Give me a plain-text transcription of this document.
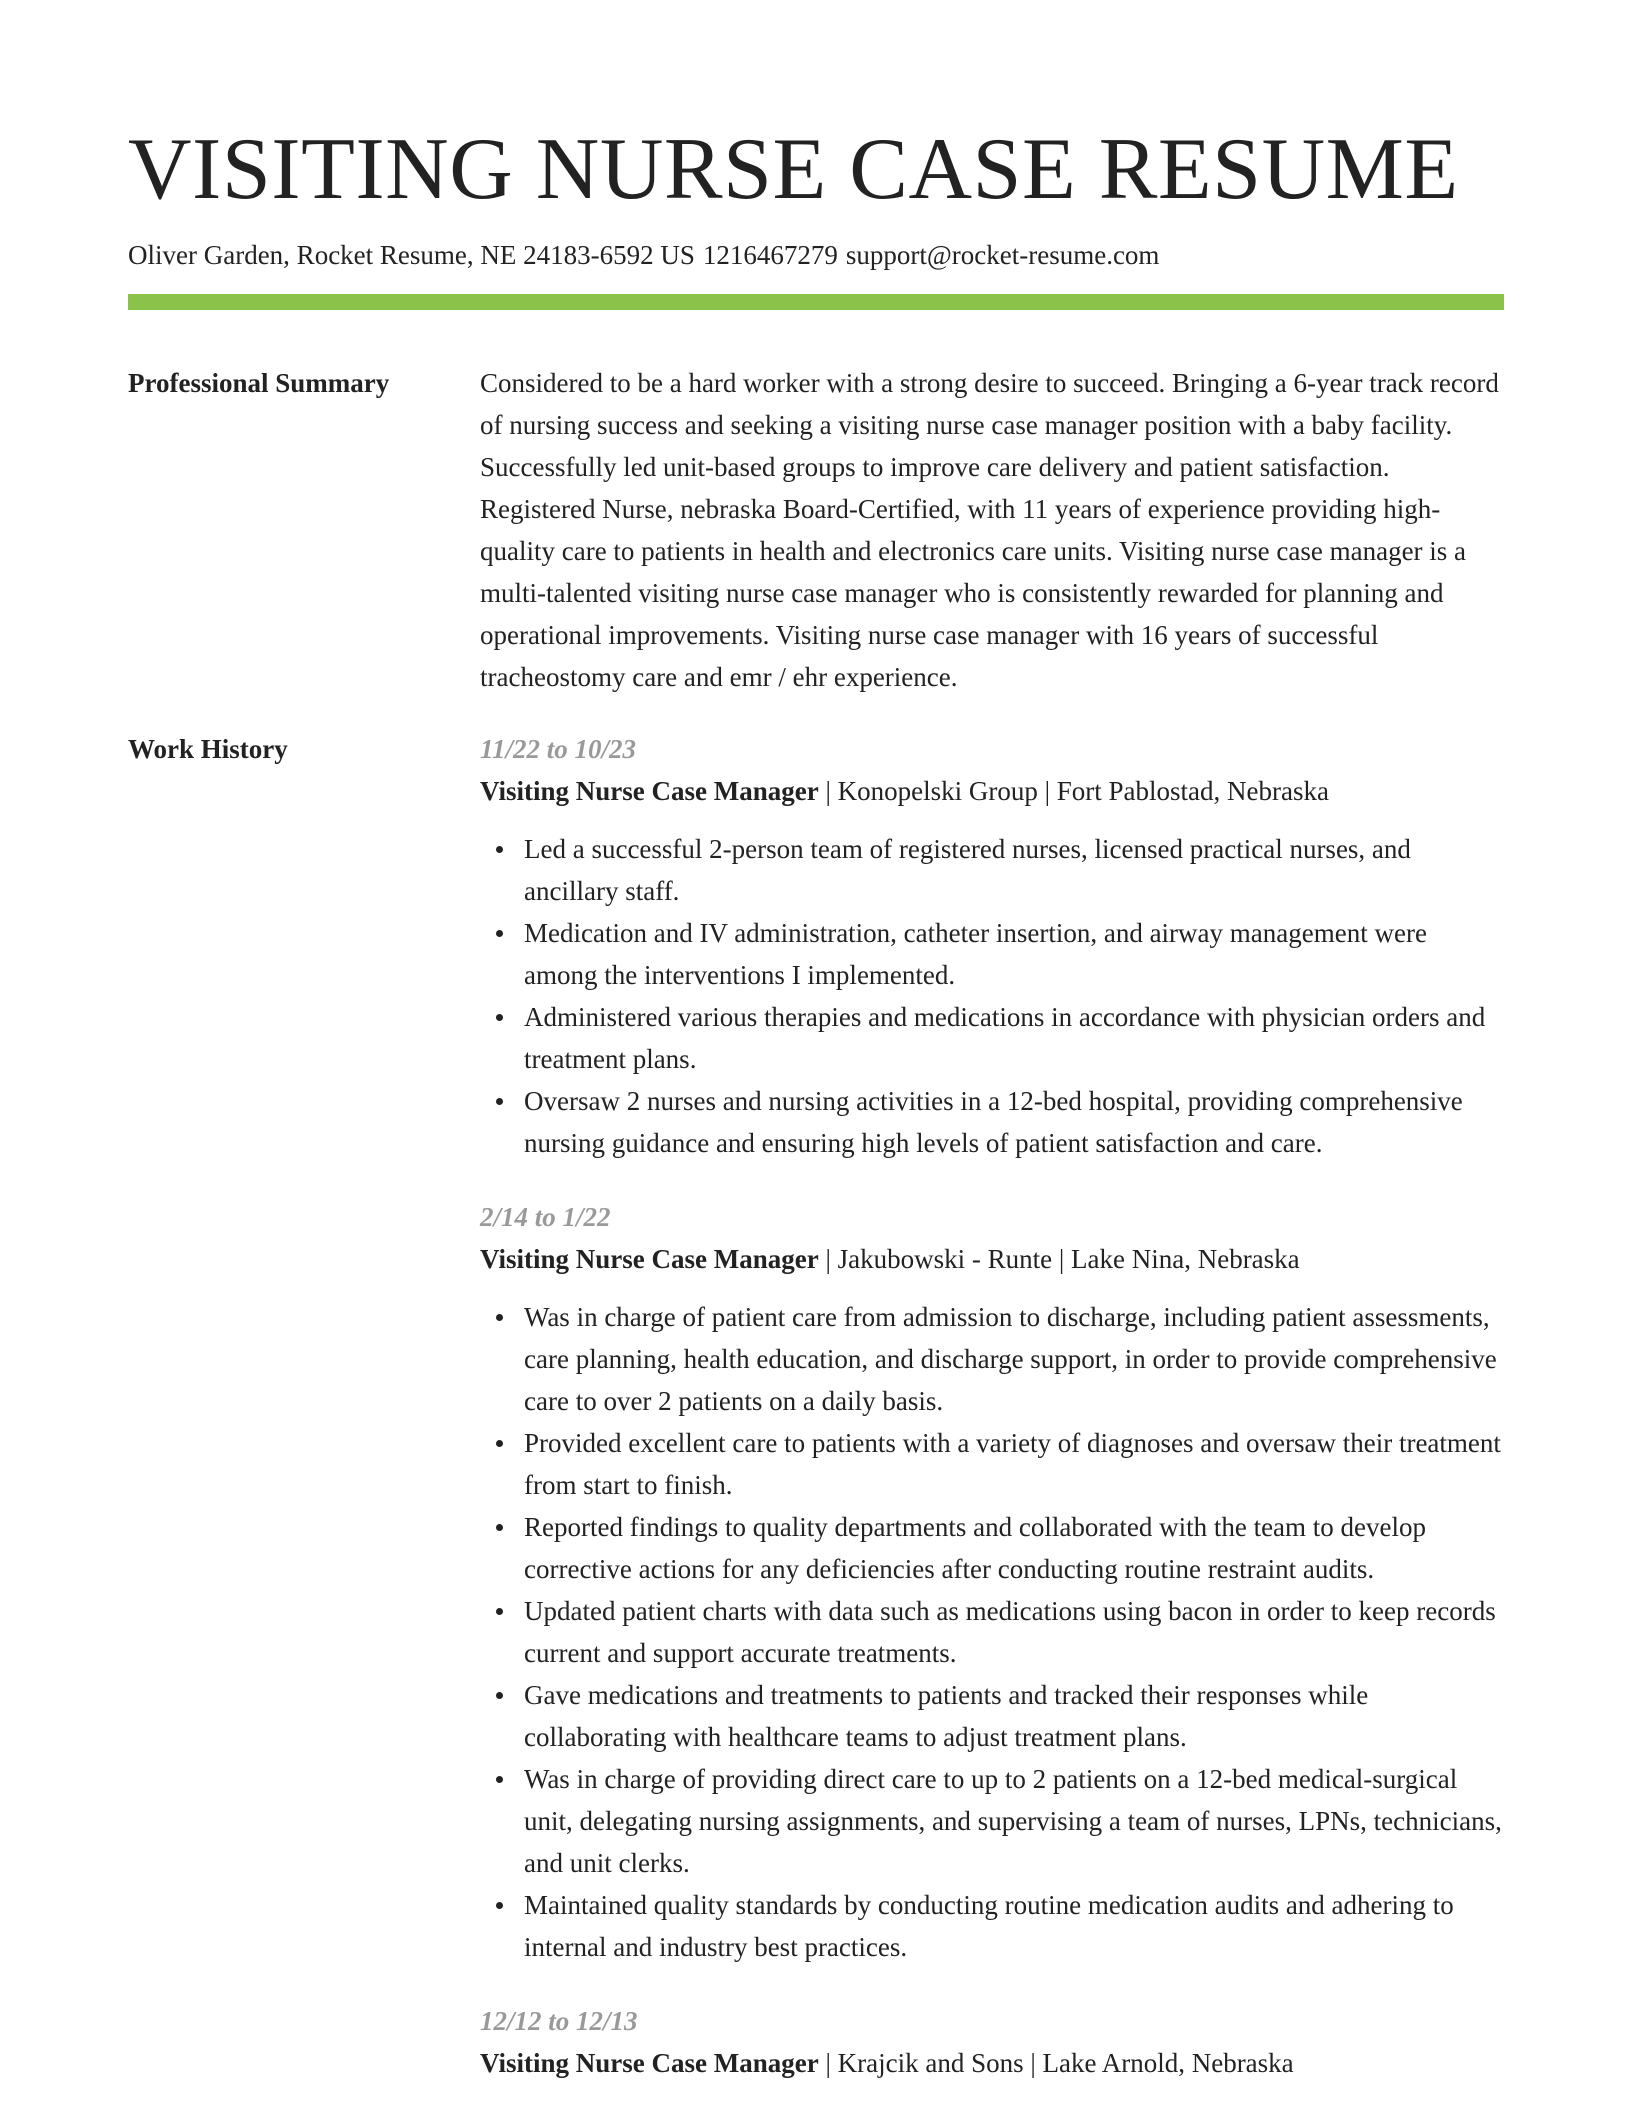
VISITING NURSE CASE RESUME
Oliver Garden, Rocket Resume, NE 24183-6592 US 1216467279 support@rocket-resume.com
Professional Summary	Considered to be a hard worker with a strong desire to succeed. Bringing a 6-year track record of nursing success and seeking a visiting nurse case manager position with a baby facility. Successfully led unit-based groups to improve care delivery and patient satisfaction. Registered Nurse, nebraska Board-Certified, with 11 years of experience providing high-quality care to patients in health and electronics care units. Visiting nurse case manager is a multi-talented visiting nurse case manager who is consistently rewarded for planning and operational improvements. Visiting nurse case manager with 16 years of successful tracheostomy care and emr / ehr experience.
Work History	11/22 to 10/23
Visiting Nurse Case Manager | Konopelski Group | Fort Pablostad, Nebraska
Led a successful 2-person team of registered nurses, licensed practical nurses, and ancillary staff.
Medication and IV administration, catheter insertion, and airway management were among the interventions I implemented.
Administered various therapies and medications in accordance with physician orders and treatment plans.
Oversaw 2 nurses and nursing activities in a 12-bed hospital, providing comprehensive nursing guidance and ensuring high levels of patient satisfaction and care.
2/14 to 1/22
Visiting Nurse Case Manager | Jakubowski - Runte | Lake Nina, Nebraska
Was in charge of patient care from admission to discharge, including patient assessments, care planning, health education, and discharge support, in order to provide comprehensive care to over 2 patients on a daily basis.
Provided excellent care to patients with a variety of diagnoses and oversaw their treatment from start to finish.
Reported findings to quality departments and collaborated with the team to develop corrective actions for any deficiencies after conducting routine restraint audits.
Updated patient charts with data such as medications using bacon in order to keep records current and support accurate treatments.
Gave medications and treatments to patients and tracked their responses while collaborating with healthcare teams to adjust treatment plans.
Was in charge of providing direct care to up to 2 patients on a 12-bed medical-surgical unit, delegating nursing assignments, and supervising a team of nurses, LPNs, technicians, and unit clerks.
Maintained quality standards by conducting routine medication audits and adhering to internal and industry best practices.
12/12 to 12/13
Visiting Nurse Case Manager | Krajcik and Sons | Lake Arnold, Nebraska
